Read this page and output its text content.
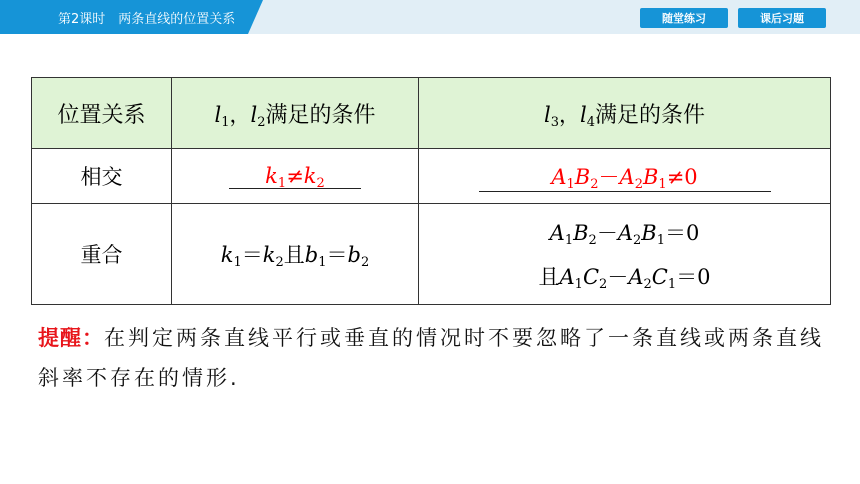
第2课时　两条直线的位置关系	随堂练习	课后习题
位置关系	$l_1$，$l_2$满足的条件	$l_3$，$l_4$满足的条件
相交	$k_1\ne k_2$	$A_1B_2-A_2B_1\ne 0$
重合	$k_1=k_2$且$b_1=b_2$	$A_1B_2-A_2B_1=0$
且$A_1C_2-A_2C_1=0$
提醒：在判定两条直线平行或垂直的情况时不要忽略了一条直线或两条直线斜率不存在的情形.
